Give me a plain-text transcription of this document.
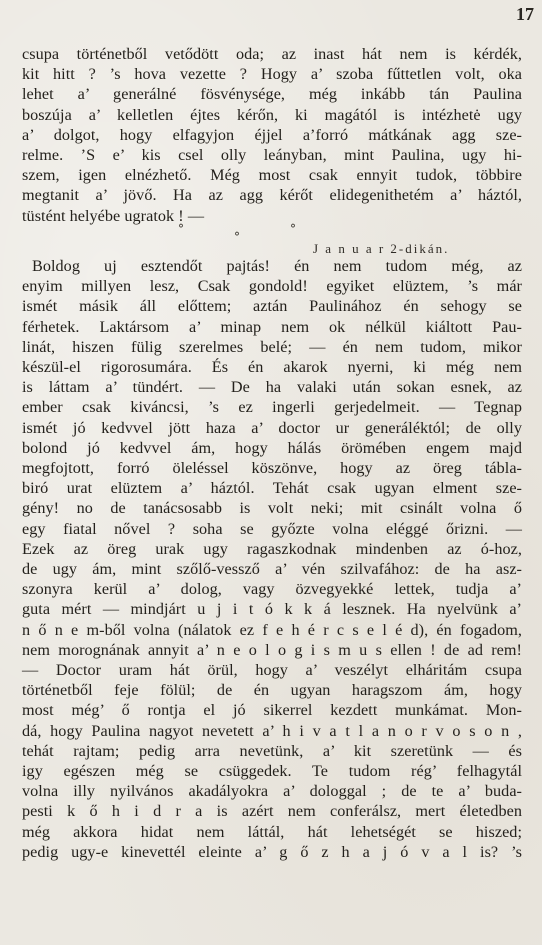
17
csupa történetből vetődött oda; az inast hát nem is kérdék,
kit hitt ? ’s hova vezette ? Hogy a’ szoba fűttetlen volt, oka
lehet a’ generálné fösvénysége, még inkább tán Paulina
boszúja a’ kelletlen éjtes kérőn, ki magától is intézhetė ugy
a’ dolgot, hogy elfagyjon éjjel a’forró mátkának agg sze-
relme. ’S e’ kis csel olly leányban, mint Paulina, ugy hi-
szem, igen elnézhető. Még most csak ennyit tudok, többire
megtanit a’ jövő. Ha az agg kérőt elidegenithetém a’ háztól,
tüstént helyébe ugratok ! —
°
°
°
J a n u a r 2-dikán.
Boldog uj esztendőt pajtás! én nem tudom még, az
enyim millyen lesz, Csak gondold! egyiket elüztem, ’s már
ismét másik áll előttem; aztán Paulinához én sehogy se
férhetek. Laktársom a’ minap nem ok nélkül kiáltott Pau-
linát, hiszen fülig szerelmes belé; — én nem tudom, mikor
készül-el rigorosumára. És én akarok nyerni, ki még nem
is láttam a’ tündért. — De ha valaki után sokan esnek, az
ember csak kiváncsi, ’s ez ingerli gerjedelmeit. — Tegnap
ismét jó kedvvel jött haza a’ doctor ur generáléktól; de olly
bolond jó kedvvel ám, hogy hálás örömében engem majd
megfojtott, forró öleléssel köszönve, hogy az öreg tábla-
biró urat elüztem a’ háztól. Tehát csak ugyan elment sze-
gény! no de tanácsosabb is volt neki; mit csinált volna ő
egy fiatal nővel ? soha se győzte volna eléggé őrizni. —
Ezek az öreg urak ugy ragaszkodnak mindenben az ó-hoz,
de ugy ám, mint szőlő-vessző a’ vén szilvafához: de ha asz-
szonyra kerül a’ dolog, vagy özvegyekké lettek, tudja a’
guta mért — mindjárt u j i t ó k k á lesznek. Ha nyelvünk a’
n ő n e m-ből volna (nálatok ez f e h é r c s e l é d), én fogadom,
nem morognának annyit a’ n e o l o g i s m u s ellen ! de ad rem!
— Doctor uram hát örül, hogy a’ veszélyt elháritám csupa
történetből feje fölül; de én ugyan haragszom ám, hogy
most még’ ő rontja el jó sikerrel kezdett munkámat. Mon-
dá, hogy Paulina nagyot nevetett a’ h i v a t l a n o r v o s o n ,
tehát rajtam; pedig arra nevetünk, a’ kit szeretünk — és
igy egészen még se csüggedek. Te tudom rég’ felhagytál
volna illy nyilvános akadályokra a’ dologgal ; de te a’ buda-
pesti k ő h i d r a is azért nem conferálsz, mert életedben
még akkora hidat nem láttál, hát lehetségét se hiszed;
pedig ugy-e kinevettél eleinte a’ g ő z h a j ó v a l is? ’s
